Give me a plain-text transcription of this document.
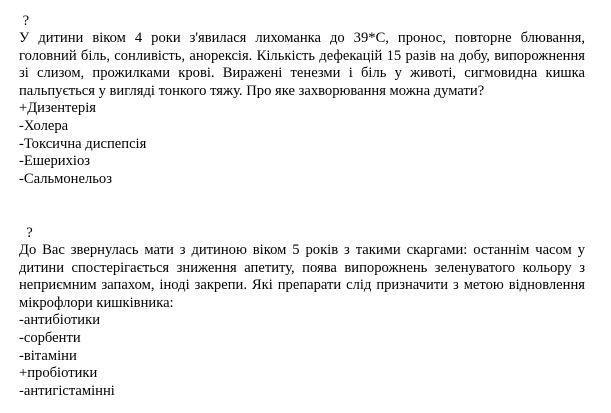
?

У дитини віком 4 роки з'явилася лихоманка до 39*С, пронос, повторне блювання, головний біль, сонливість, анорексія. Кількість дефекацій 15 разів на добу, випорожнення зі слизом, прожилками крові. Виражені тенезми і біль у животі, сигмовидна кишка пальпується у вигляді тонкого тяжу. Про яке захворювання можна думати?

+Дизентерія
-Холера
-Токсична диспепсія
-Ешерихіоз
-Сальмонельоз
?

До Вас звернулась мати з дитиною віком 5 років з такими скаргами: останнім часом у дитини спостерігається зниження апетиту, поява випорожнень зеленуватого кольору з неприємним запахом, іноді закрепи. Які препарати слід призначити з метою відновлення мікрофлори кишківника:

-антибіотики
-сорбенти
-вітаміни
+пробіотики
-антигістамінні
